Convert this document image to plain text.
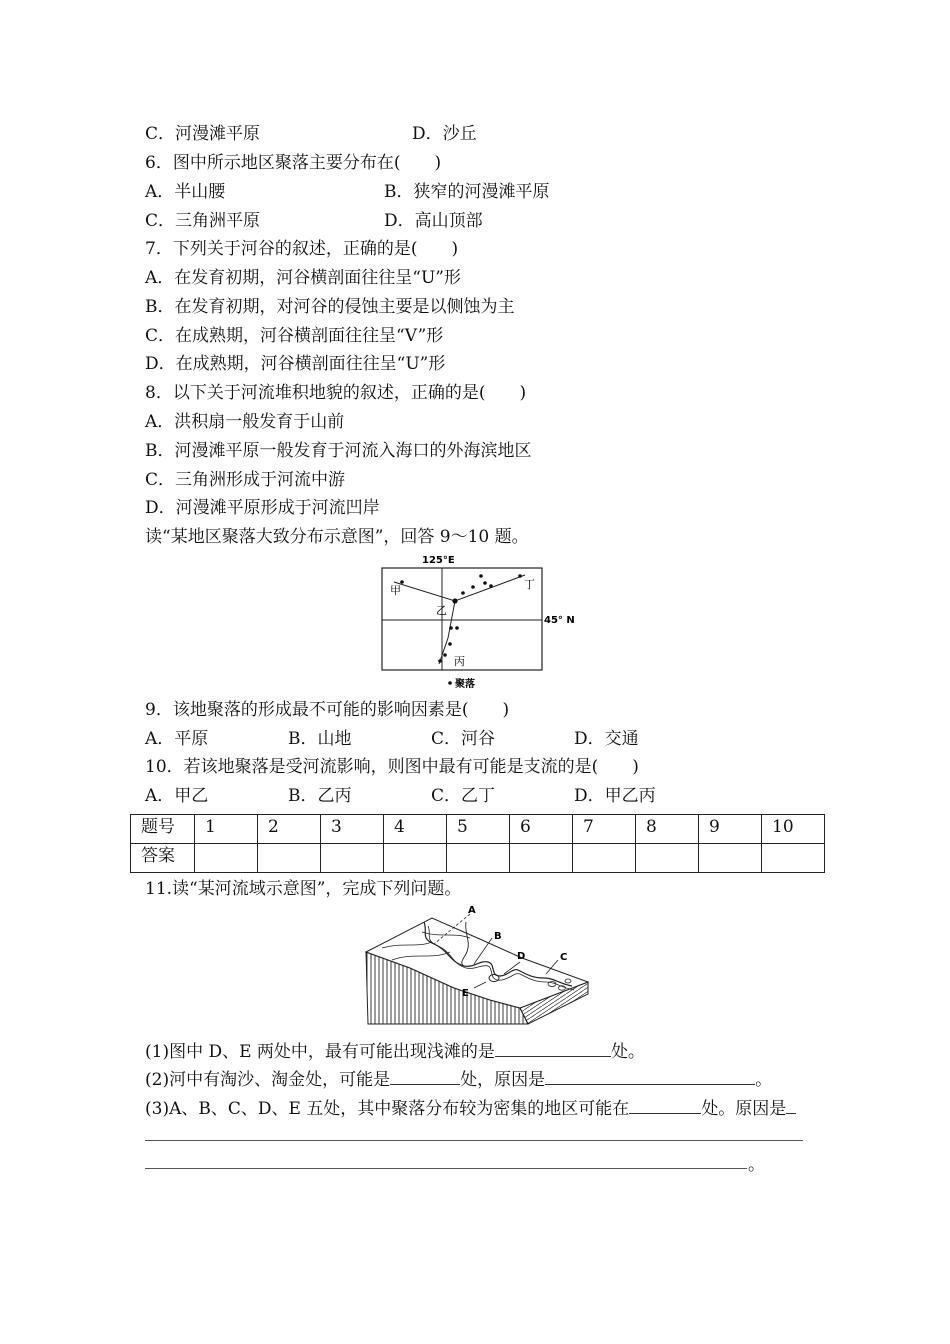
C．河漫滩平原	D．沙丘
6．图中所示地区聚落主要分布在(　　)
A．半山腰	B．狭窄的河漫滩平原
C．三角洲平原	D．高山顶部
7．下列关于河谷的叙述，正确的是(　　)
A．在发育初期，河谷横剖面往往呈“U”形
B．在发育初期，对河谷的侵蚀主要是以侧蚀为主
C．在成熟期，河谷横剖面往往呈“V”形
D．在成熟期，河谷横剖面往往呈“U”形
8．以下关于河流堆积地貌的叙述，正确的是(　　)
A．洪积扇一般发育于山前
B．河漫滩平原一般发育于河流入海口的外海滨地区
C．三角洲形成于河流中游
D．河漫滩平原形成于河流凹岸
读“某地区聚落大致分布示意图”，回答 9～10 题。
125°E
45° N
甲
乙
丙
丁
聚落
9．该地聚落的形成最不可能的影响因素是(　　)
A．平原	B．山地	C．河谷	D．交通
10．若该地聚落是受河流影响，则图中最有可能是支流的是(　　)
A．甲乙	B．乙丙	C．乙丁	D．甲乙丙
题号	1	2	3	4	5	6	7	8	9	10
答案										
11.读“某河流域示意图”，完成下列问题。
A
B
C
D
E
(1)图中 D、E 两处中，最有可能出现浅滩的是	处。
(2)河中有淘沙、淘金处，可能是	处，原因是	。
(3)A、B、C、D、E 五处，其中聚落分布较为密集的地区可能在	处。原因是
。
